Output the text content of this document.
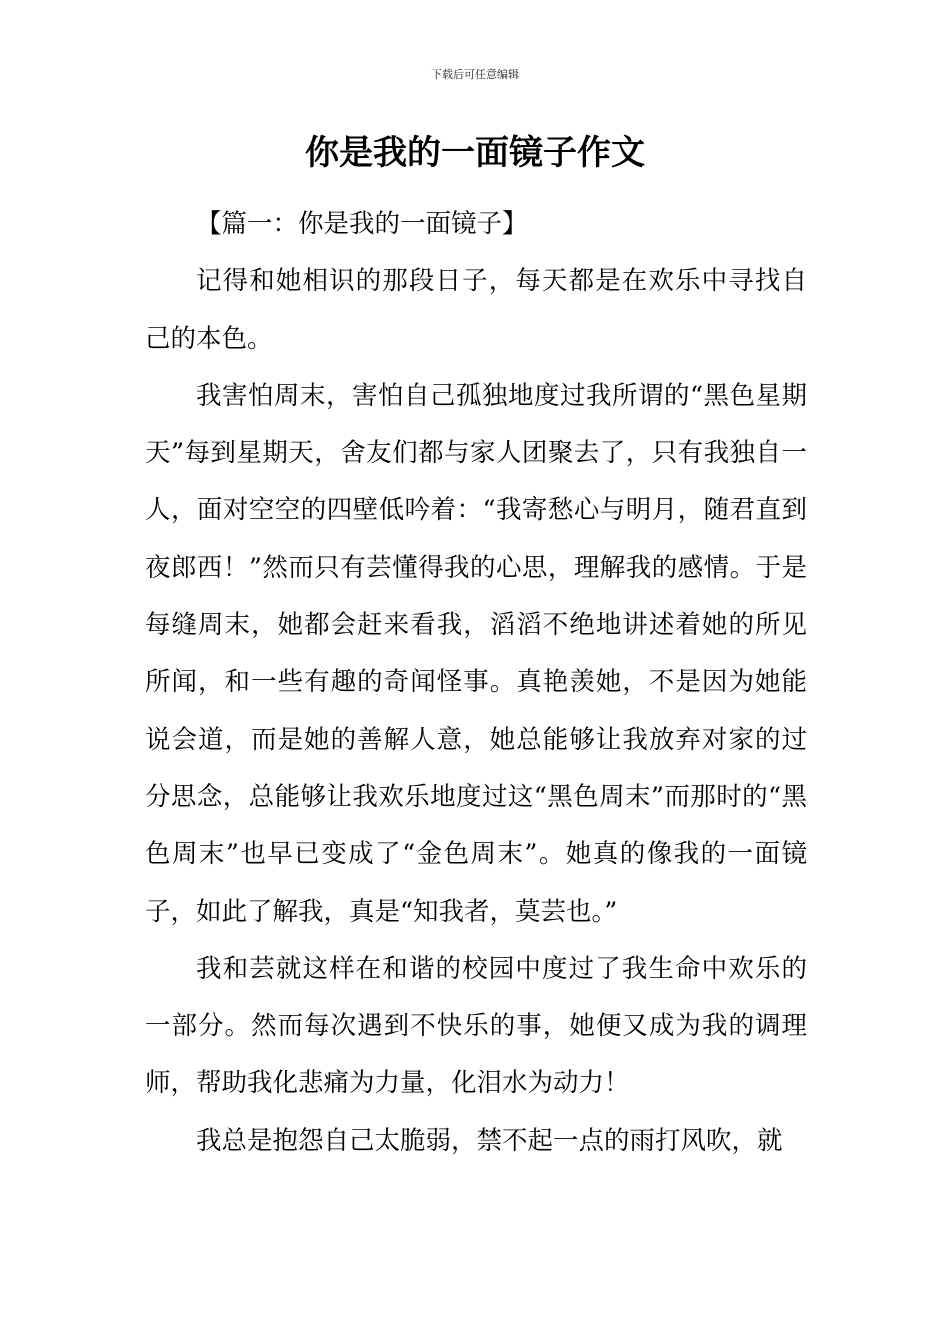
下载后可任意编辑
你是我的一面镜子作文

【篇一：你是我的一面镜子】

记得和她相识的那段日子，每天都是在欢乐中寻找自己的本色。

我害怕周末，害怕自己孤独地度过我所谓的“黑色星期天”每到星期天，舍友们都与家人团聚去了，只有我独自一人，面对空空的四壁低吟着：“我寄愁心与明月，随君直到夜郎西！”然而只有芸懂得我的心思，理解我的感情。于是每缝周末，她都会赶来看我，滔滔不绝地讲述着她的所见所闻，和一些有趣的奇闻怪事。真艳羡她，不是因为她能说会道，而是她的善解人意，她总能够让我放弃对家的过分思念，总能够让我欢乐地度过这“黑色周末”而那时的“黑色周末”也早已变成了“金色周末”。她真的像我的一面镜子，如此了解我，真是“知我者，莫芸也。”

我和芸就这样在和谐的校园中度过了我生命中欢乐的一部分。然而每次遇到不快乐的事，她便又成为我的调理师，帮助我化悲痛为力量，化泪水为动力！

我总是抱怨自己太脆弱，禁不起一点的雨打风吹，就
